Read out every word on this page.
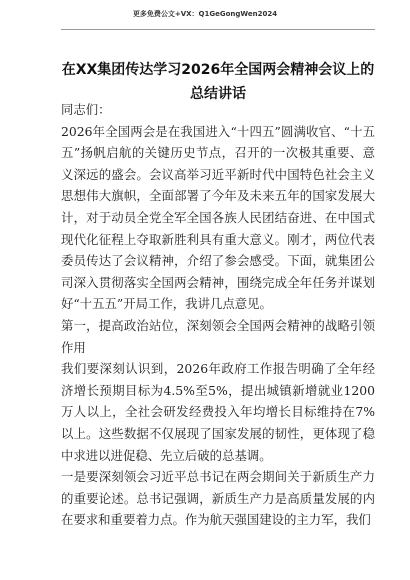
更多免费公文+VX：Q1GeGongWen2024
在XX集团传达学习2026年全国两会精神会议上的总结讲话

同志们：

2026年全国两会是在我国进入“十四五”圆满收官、“十五五”扬帆启航的关键历史节点，召开的一次极其重要、意义深远的盛会。会议高举习近平新时代中国特色社会主义思想伟大旗帜，全面部署了今年及未来五年的国家发展大计，对于动员全党全军全国各族人民团结奋进、在中国式现代化征程上夺取新胜利具有重大意义。刚才，两位代表委员传达了会议精神，介绍了参会感受。下面，就集团公司深入贯彻落实全国两会精神，围绕完成全年任务并谋划好“十五五”开局工作，我讲几点意见。

第一，提高政治站位，深刻领会全国两会精神的战略引领作用

我们要深刻认识到，2026年政府工作报告明确了全年经济增长预期目标为4.5%至5%，提出城镇新增就业1200万人以上，全社会研发经费投入年均增长目标维持在7%以上。这些数据不仅展现了国家发展的韧性，更体现了稳中求进以进促稳、先立后破的总基调。

一是要深刻领会习近平总书记在两会期间关于新质生产力的重要论述。总书记强调，新质生产力是高质量发展的内在要求和重要着力点。作为航天强国建设的主力军，我们
